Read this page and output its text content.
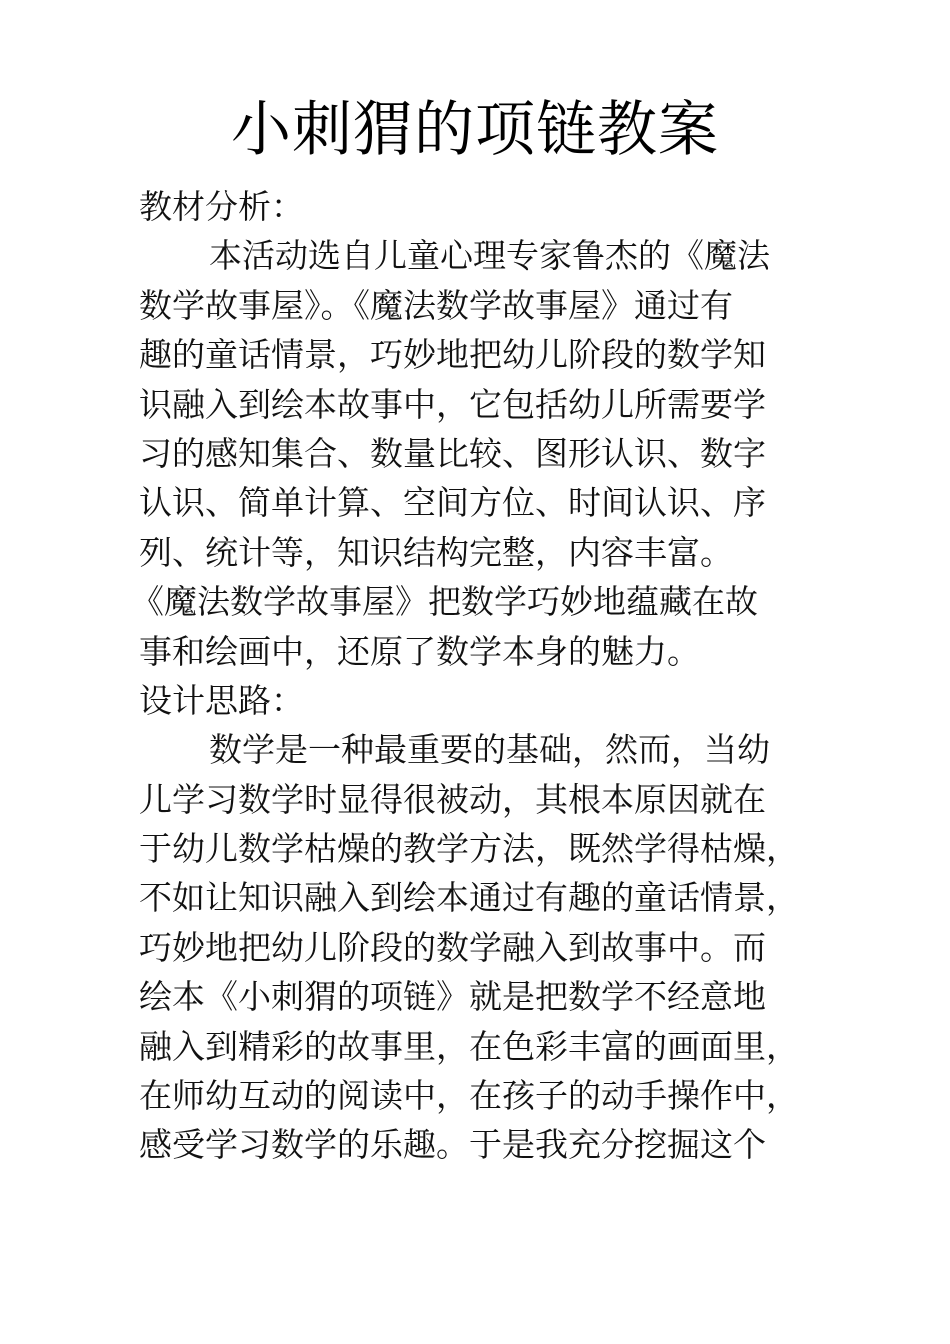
小刺猬的项链教案
教材分析：
本活动选自儿童心理专家鲁杰的《魔法
数学故事屋》。《魔法数学故事屋》通过有
趣的童话情景，巧妙地把幼儿阶段的数学知
识融入到绘本故事中，它包括幼儿所需要学
习的感知集合、数量比较、图形认识、数字
认识、简单计算、空间方位、时间认识、序
列、统计等，知识结构完整，内容丰富。
《魔法数学故事屋》把数学巧妙地蕴藏在故
事和绘画中，还原了数学本身的魅力。
设计思路：
数学是一种最重要的基础，然而，当幼
儿学习数学时显得很被动，其根本原因就在
于幼儿数学枯燥的教学方法，既然学得枯燥，
不如让知识融入到绘本通过有趣的童话情景，
巧妙地把幼儿阶段的数学融入到故事中。而
绘本《小刺猬的项链》就是把数学不经意地
融入到精彩的故事里，在色彩丰富的画面里，
在师幼互动的阅读中，在孩子的动手操作中，
感受学习数学的乐趣。于是我充分挖掘这个
